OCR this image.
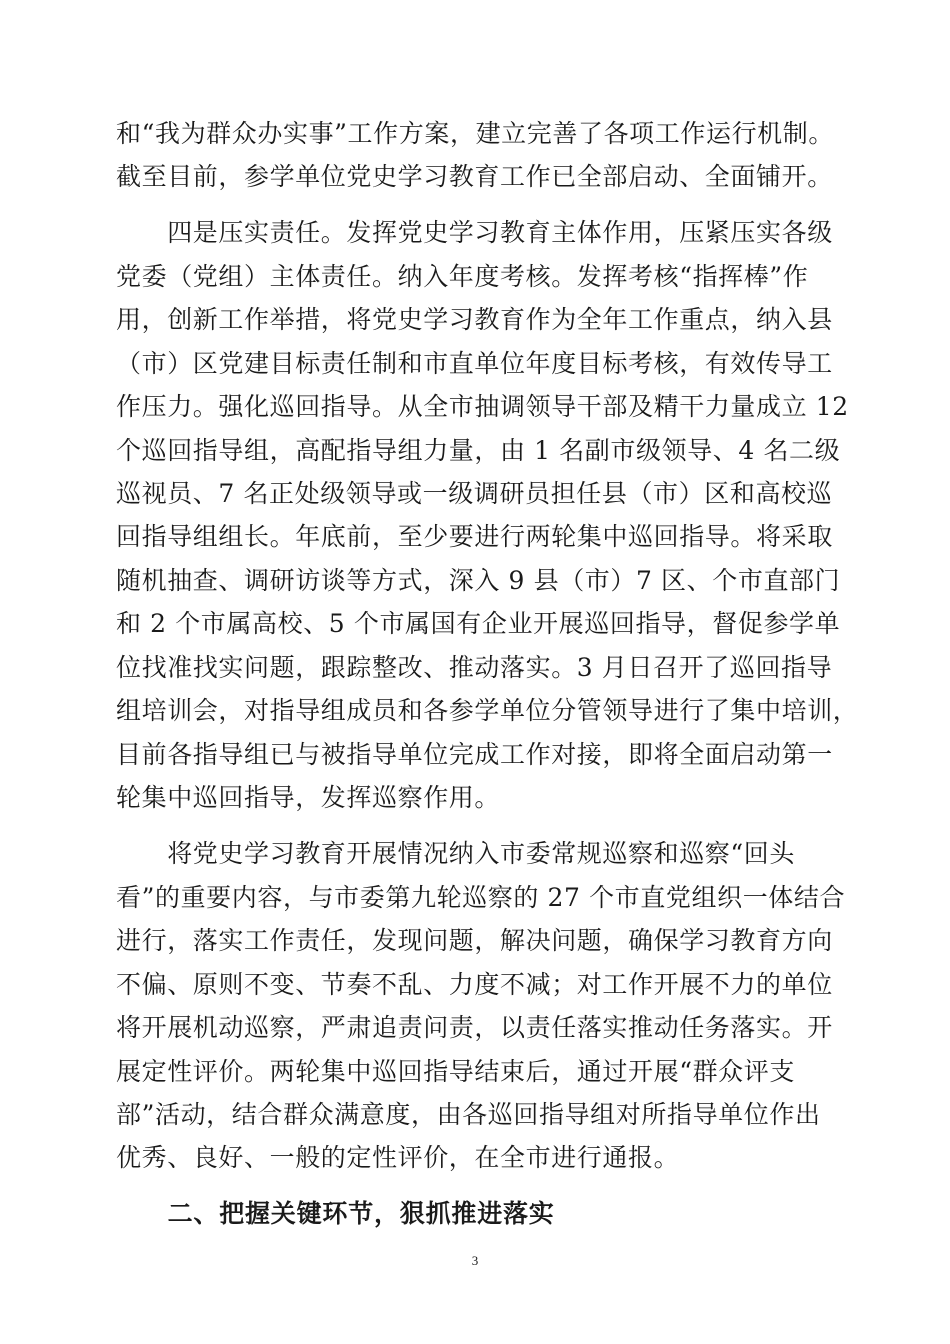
和“我为群众办实事”工作方案，建立完善了各项工作运行机制。
截至目前，参学单位党史学习教育工作已全部启动、全面铺开。
　　四是压实责任。发挥党史学习教育主体作用，压紧压实各级
党委（党组）主体责任。纳入年度考核。发挥考核“指挥棒”作
用，创新工作举措，将党史学习教育作为全年工作重点，纳入县
（市）区党建目标责任制和市直单位年度目标考核，有效传导工
作压力。强化巡回指导。从全市抽调领导干部及精干力量成立 12
个巡回指导组，高配指导组力量，由 1 名副市级领导、4 名二级
巡视员、7 名正处级领导或一级调研员担任县（市）区和高校巡
回指导组组长。年底前，至少要进行两轮集中巡回指导。将采取
随机抽查、调研访谈等方式，深入 9 县（市）7 区、个市直部门
和 2 个市属高校、5 个市属国有企业开展巡回指导，督促参学单
位找准找实问题，跟踪整改、推动落实。3 月日召开了巡回指导
组培训会，对指导组成员和各参学单位分管领导进行了集中培训，
目前各指导组已与被指导单位完成工作对接，即将全面启动第一
轮集中巡回指导，发挥巡察作用。
　　将党史学习教育开展情况纳入市委常规巡察和巡察“回头
看”的重要内容，与市委第九轮巡察的 27 个市直党组织一体结合
进行，落实工作责任，发现问题，解决问题，确保学习教育方向
不偏、原则不变、节奏不乱、力度不减；对工作开展不力的单位
将开展机动巡察，严肃追责问责，以责任落实推动任务落实。开
展定性评价。两轮集中巡回指导结束后，通过开展“群众评支
部”活动，结合群众满意度，由各巡回指导组对所指导单位作出
优秀、良好、一般的定性评价，在全市进行通报。
　　二、把握关键环节，狠抓推进落实
3
